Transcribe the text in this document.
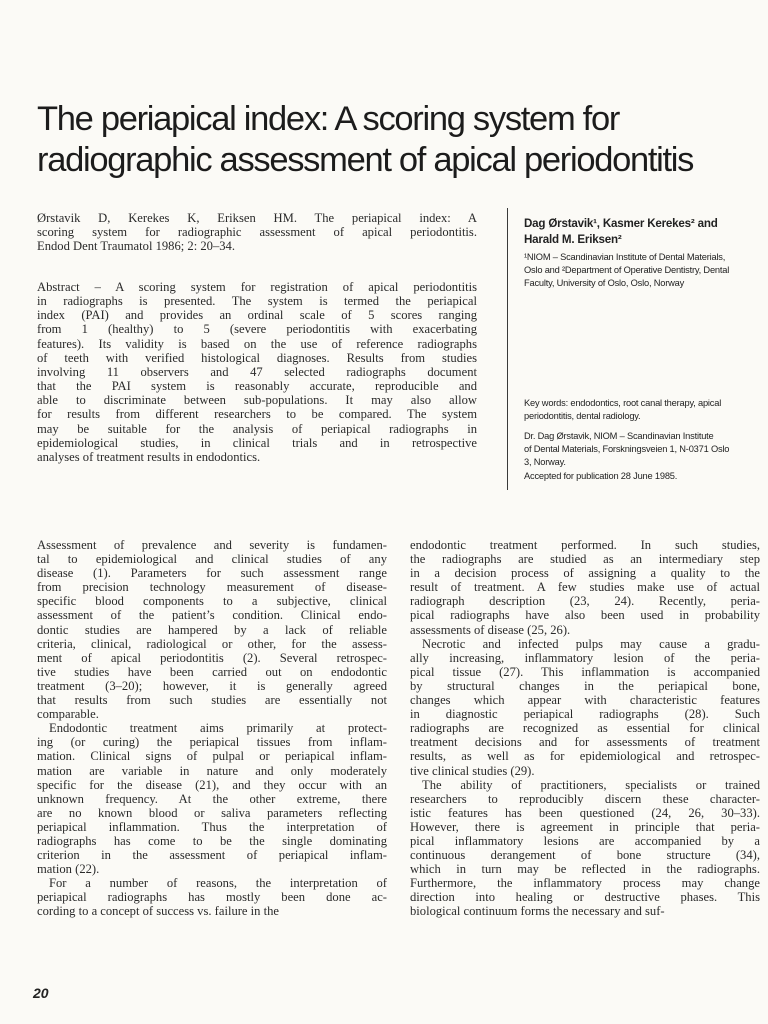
The periapical index: A scoring system for
radiographic assessment of apical periodontitis
Ørstavik D, Kerekes K, Eriksen HM. The periapical index: A
scoring system for radiographic assessment of apical periodontitis.
Endod Dent Traumatol 1986; 2: 20–34.
Abstract – A scoring system for registration of apical periodontitis
in radiographs is presented. The system is termed the periapical
index (PAI) and provides an ordinal scale of 5 scores ranging
from 1 (healthy) to 5 (severe periodontitis with exacerbating
features). Its validity is based on the use of reference radiographs
of teeth with verified histological diagnoses. Results from studies
involving 11 observers and 47 selected radiographs document
that the PAI system is reasonably accurate, reproducible and
able to discriminate between sub-populations. It may also allow
for results from different researchers to be compared. The system
may be suitable for the analysis of periapical radiographs in
epidemiological studies, in clinical trials and in retrospective
analyses of treatment results in endodontics.
Dag Ørstavik¹, Kasmer Kerekes² and
Harald M. Eriksen²
¹NIOM – Scandinavian Institute of Dental Materials,
Oslo and ²Department of Operative Dentistry, Dental
Faculty, University of Oslo, Oslo, Norway
Key words: endodontics, root canal therapy, apical
periodontitis, dental radiology.
Dr. Dag Ørstavik, NIOM – Scandinavian Institute
of Dental Materials, Forskningsveien 1, N-0371 Oslo
3, Norway.
Accepted for publication 28 June 1985.
Assessment of prevalence and severity is fundamen-
tal to epidemiological and clinical studies of any
disease (1). Parameters for such assessment range
from precision technology measurement of disease-
specific blood components to a subjective, clinical
assessment of the patient’s condition. Clinical endo-
dontic studies are hampered by a lack of reliable
criteria, clinical, radiological or other, for the assess-
ment of apical periodontitis (2). Several retrospec-
tive studies have been carried out on endodontic
treatment (3–20); however, it is generally agreed
that results from such studies are essentially not
comparable.
Endodontic treatment aims primarily at protect-
ing (or curing) the periapical tissues from inflam-
mation. Clinical signs of pulpal or periapical inflam-
mation are variable in nature and only moderately
specific for the disease (21), and they occur with an
unknown frequency. At the other extreme, there
are no known blood or saliva parameters reflecting
periapical inflammation. Thus the interpretation of
radiographs has come to be the single dominating
criterion in the assessment of periapical inflam-
mation (22).
For a number of reasons, the interpretation of
periapical radiographs has mostly been done ac-
cording to a concept of success vs. failure in the
endodontic treatment performed. In such studies,
the radiographs are studied as an intermediary step
in a decision process of assigning a quality to the
result of treatment. A few studies make use of actual
radiograph description (23, 24). Recently, peria-
pical radiographs have also been used in probability
assessments of disease (25, 26).
Necrotic and infected pulps may cause a gradu-
ally increasing, inflammatory lesion of the peria-
pical tissue (27). This inflammation is accompanied
by structural changes in the periapical bone,
changes which appear with characteristic features
in diagnostic periapical radiographs (28). Such
radiographs are recognized as essential for clinical
treatment decisions and for assessments of treatment
results, as well as for epidemiological and retrospec-
tive clinical studies (29).
The ability of practitioners, specialists or trained
researchers to reproducibly discern these character-
istic features has been questioned (24, 26, 30–33).
However, there is agreement in principle that peria-
pical inflammatory lesions are accompanied by a
continuous derangement of bone structure (34),
which in turn may be reflected in the radiographs.
Furthermore, the inflammatory process may change
direction into healing or destructive phases. This
biological continuum forms the necessary and suf-
20
